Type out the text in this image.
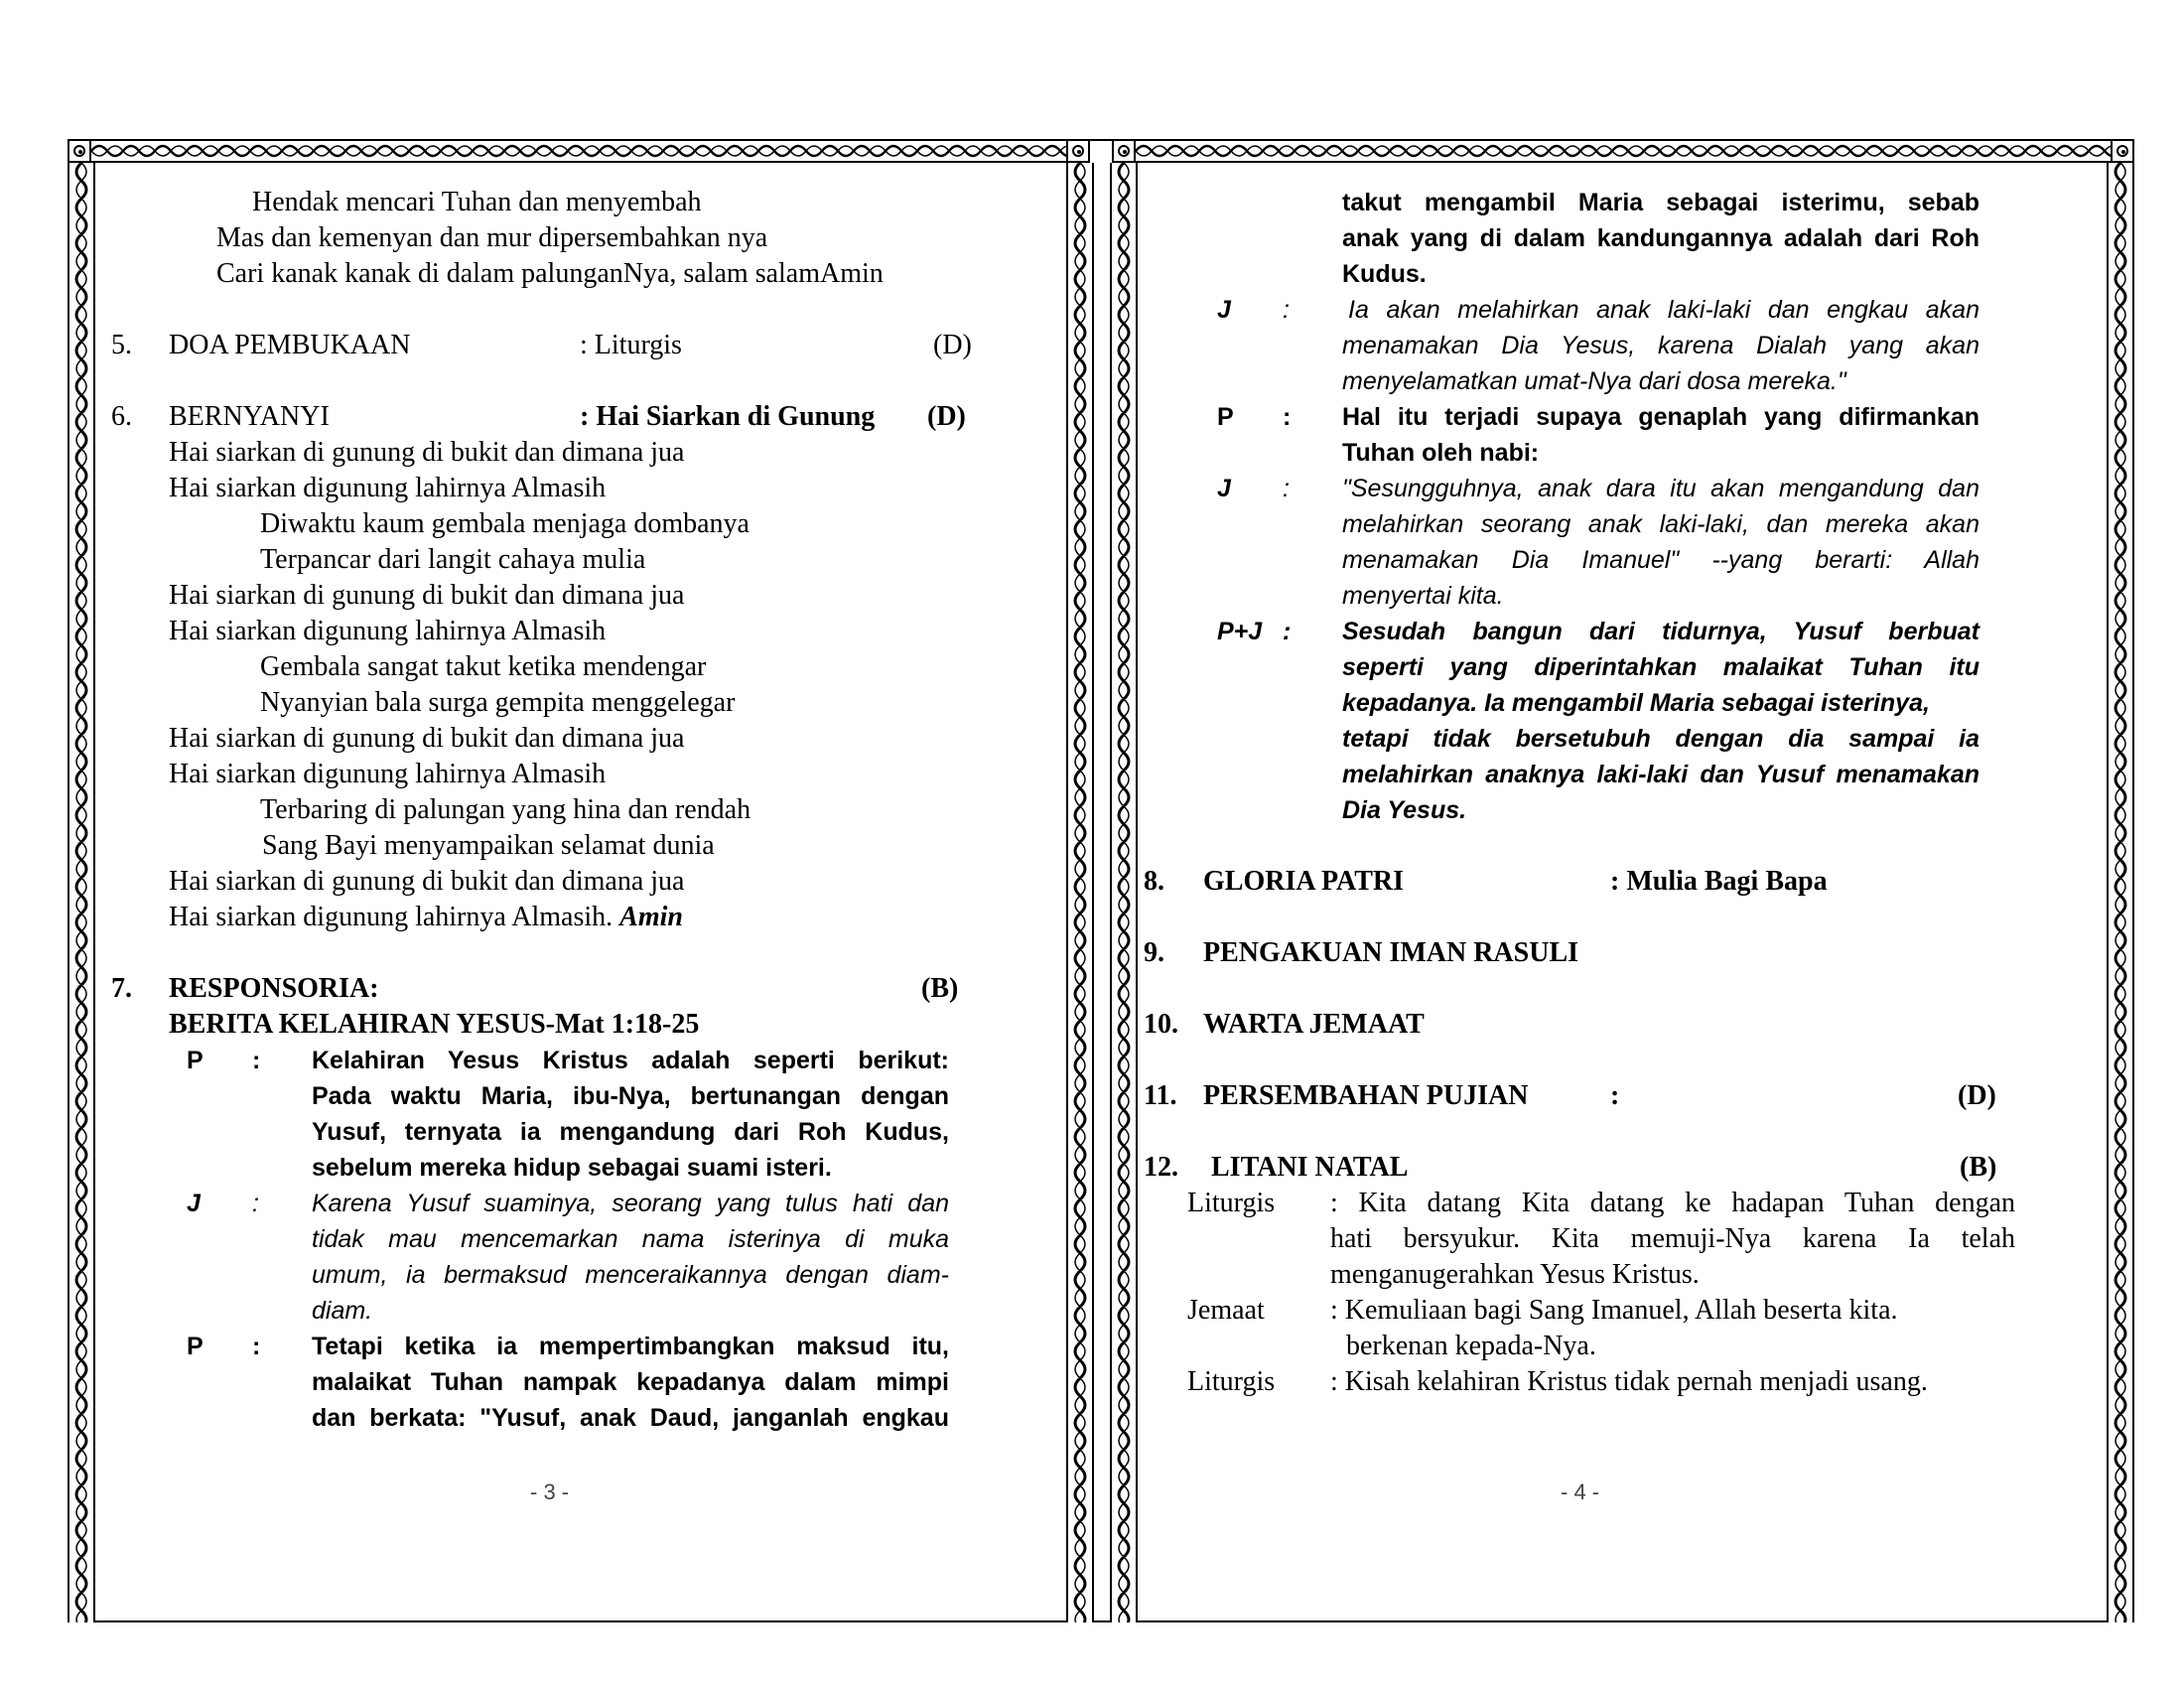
Hendak mencari Tuhan dan menyembah
Mas dan kemenyan dan mur dipersembahkan nya
Cari kanak kanak di dalam palunganNya, salam salamAmin
5. DOA PEMBUKAAN	: Liturgis	(D)
6. BERNYANYI	: Hai Siarkan di Gunung (D)
Hai siarkan di gunung di bukit dan dimana jua
Hai siarkan digunung lahirnya Almasih
Diwaktu kaum gembala menjaga dombanya
Terpancar dari langit cahaya mulia
Hai siarkan di gunung di bukit dan dimana jua
Hai siarkan digunung lahirnya Almasih
Gembala sangat takut ketika mendengar
Nyanyian bala surga gempita menggelegar
Hai siarkan di gunung di bukit dan dimana jua
Hai siarkan digunung lahirnya Almasih
Terbaring di palungan yang hina dan rendah
Sang Bayi menyampaikan selamat dunia
Hai siarkan di gunung di bukit dan dimana jua
Hai siarkan digunung lahirnya Almasih. Amin
7. RESPONSORIA:	(B)
BERITA KELAHIRAN YESUS-Mat 1:18-25
P : Kelahiran Yesus Kristus adalah seperti berikut:
Pada waktu Maria, ibu-Nya, bertunangan dengan
Yusuf, ternyata ia mengandung dari Roh Kudus,
sebelum mereka hidup sebagai suami isteri.
J : Karena Yusuf suaminya, seorang yang tulus hati dan
tidak mau mencemarkan nama isterinya di muka
umum, ia bermaksud menceraikannya dengan diam-
diam.
P : Tetapi ketika ia mempertimbangkan maksud itu,
malaikat Tuhan nampak kepadanya dalam mimpi
dan berkata: "Yusuf, anak Daud, janganlah engkau
- 3 -
takut mengambil Maria sebagai isterimu, sebab
anak yang di dalam kandungannya adalah dari Roh
Kudus.
J : Ia akan melahirkan anak laki-laki dan engkau akan
menamakan Dia Yesus, karena Dialah yang akan
menyelamatkan umat-Nya dari dosa mereka."
P : Hal itu terjadi supaya genaplah yang difirmankan
Tuhan oleh nabi:
J : "Sesungguhnya, anak dara itu akan mengandung dan
melahirkan seorang anak laki-laki, dan mereka akan
menamakan Dia Imanuel" --yang berarti: Allah
menyertai kita.
P+J : Sesudah bangun dari tidurnya, Yusuf berbuat
seperti yang diperintahkan malaikat Tuhan itu
kepadanya. Ia mengambil Maria sebagai isterinya,
tetapi tidak bersetubuh dengan dia sampai ia
melahirkan anaknya laki-laki dan Yusuf menamakan
Dia Yesus.
8. GLORIA PATRI	: Mulia Bagi Bapa
9. PENGAKUAN IMAN RASULI
10. WARTA JEMAAT
11. PERSEMBAHAN PUJIAN	:	(D)
12. LITANI NATAL	(B)
Liturgis : Kita datang Kita datang ke hadapan Tuhan dengan
hati bersyukur. Kita memuji-Nya karena Ia telah
menganugerahkan Yesus Kristus.
Jemaat : Kemuliaan bagi Sang Imanuel, Allah beserta kita.
berkenan kepada-Nya.
Liturgis : Kisah kelahiran Kristus tidak pernah menjadi usang.
- 4 -
